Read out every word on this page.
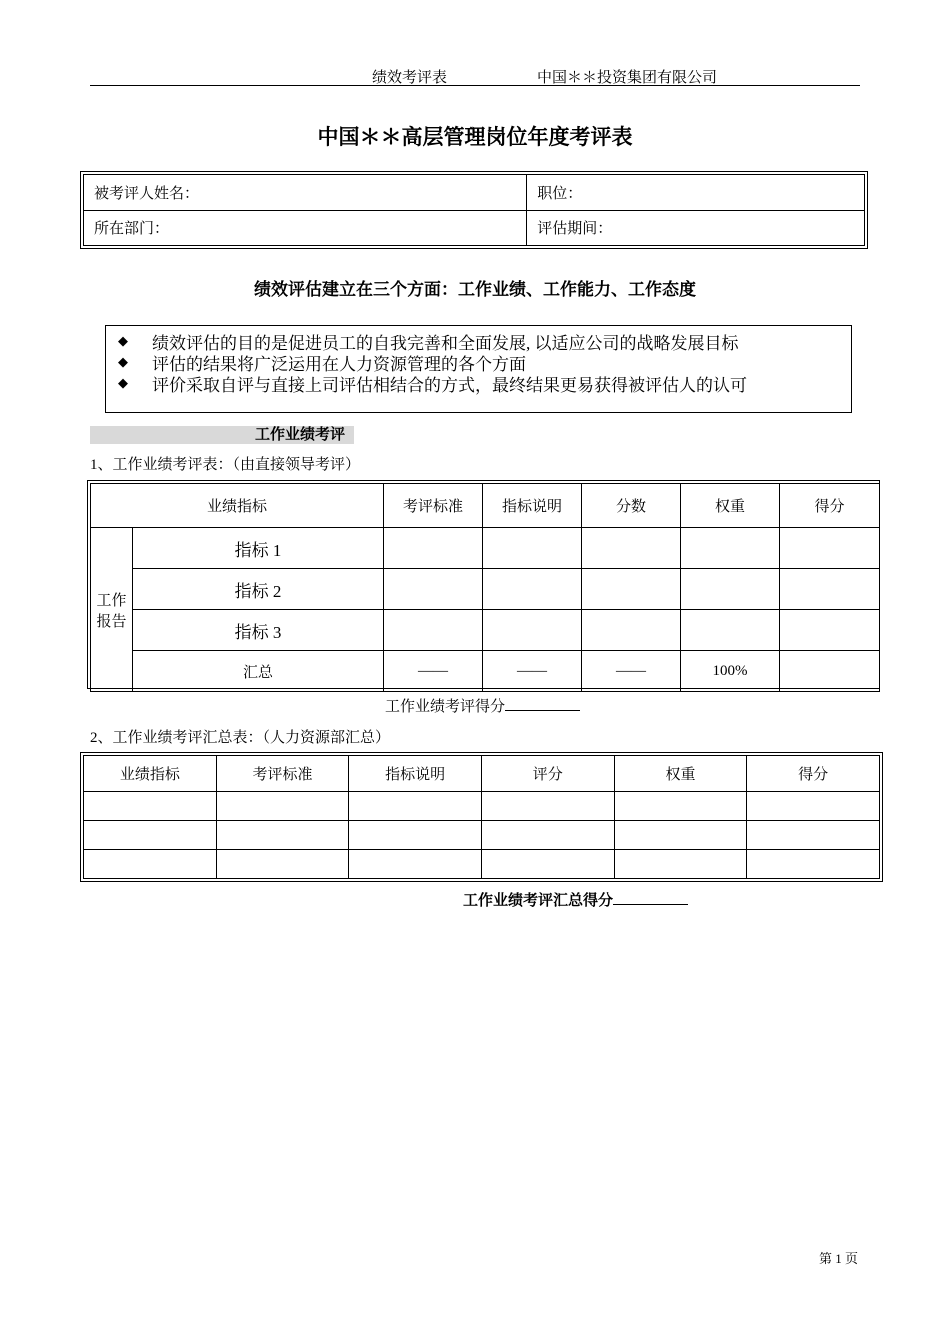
绩效考评表	中国＊＊投资集团有限公司
中国＊＊高层管理岗位年度考评表
被考评人姓名：	职位：
所在部门：	评估期间：
绩效评估建立在三个方面：工作业绩、工作能力、工作态度
◆	绩效评估的目的是促进员工的自我完善和全面发展, 以适应公司的战略发展目标
◆	评估的结果将广泛运用在人力资源管理的各个方面
◆	评价采取自评与直接上司评估相结合的方式，最终结果更易获得被评估人的认可
工作业绩考评
1、工作业绩考评表：（由直接领导考评）
业绩指标		考评标准	指标说明	分数	权重	得分
工作
报告	指标 1					
	指标 2					
	指标 3					
	汇总	——	——	——	100%	
工作业绩考评得分
2、工作业绩考评汇总表：（人力资源部汇总）
业绩指标	考评标准	指标说明	评分	权重	得分

工作业绩考评汇总得分
第 1 页
